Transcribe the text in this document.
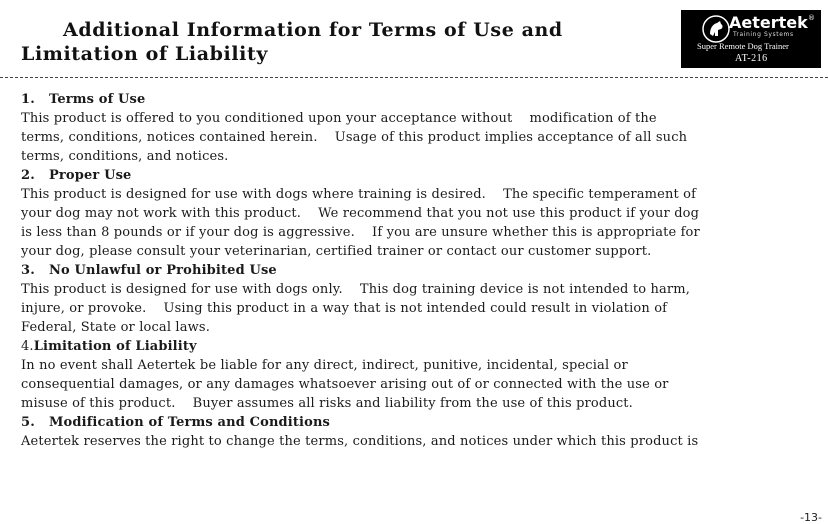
Additional Information for Terms of Use and Limitation of Liability
Aetertek ®
Training Systems
Super Remote Dog Trainer
AT-216

1. Terms of Use

This product is offered to you conditioned upon your acceptance without    modification of the

terms, conditions, notices contained herein.    Usage of this product implies acceptance of all such

terms, conditions, and notices.

2. Proper Use

This product is designed for use with dogs where training is desired.    The specific temperament of

your dog may not work with this product.    We recommend that you not use this product if your dog

is less than 8 pounds or if your dog is aggressive.    If you are unsure whether this is appropriate for

your dog, please consult your veterinarian, certified trainer or contact our customer support.

3. No Unlawful or Prohibited Use

This product is designed for use with dogs only.    This dog training device is not intended to harm,

injure, or provoke.    Using this product in a way that is not intended could result in violation of

Federal, State or local laws.

4.Limitation of Liability

In no event shall Aetertek be liable for any direct, indirect, punitive, incidental, special or

consequential damages, or any damages whatsoever arising out of or connected with the use or

misuse of this product.    Buyer assumes all risks and liability from the use of this product.

5. Modification of Terms and Conditions

Aetertek reserves the right to change the terms, conditions, and notices under which this product is

-13-
